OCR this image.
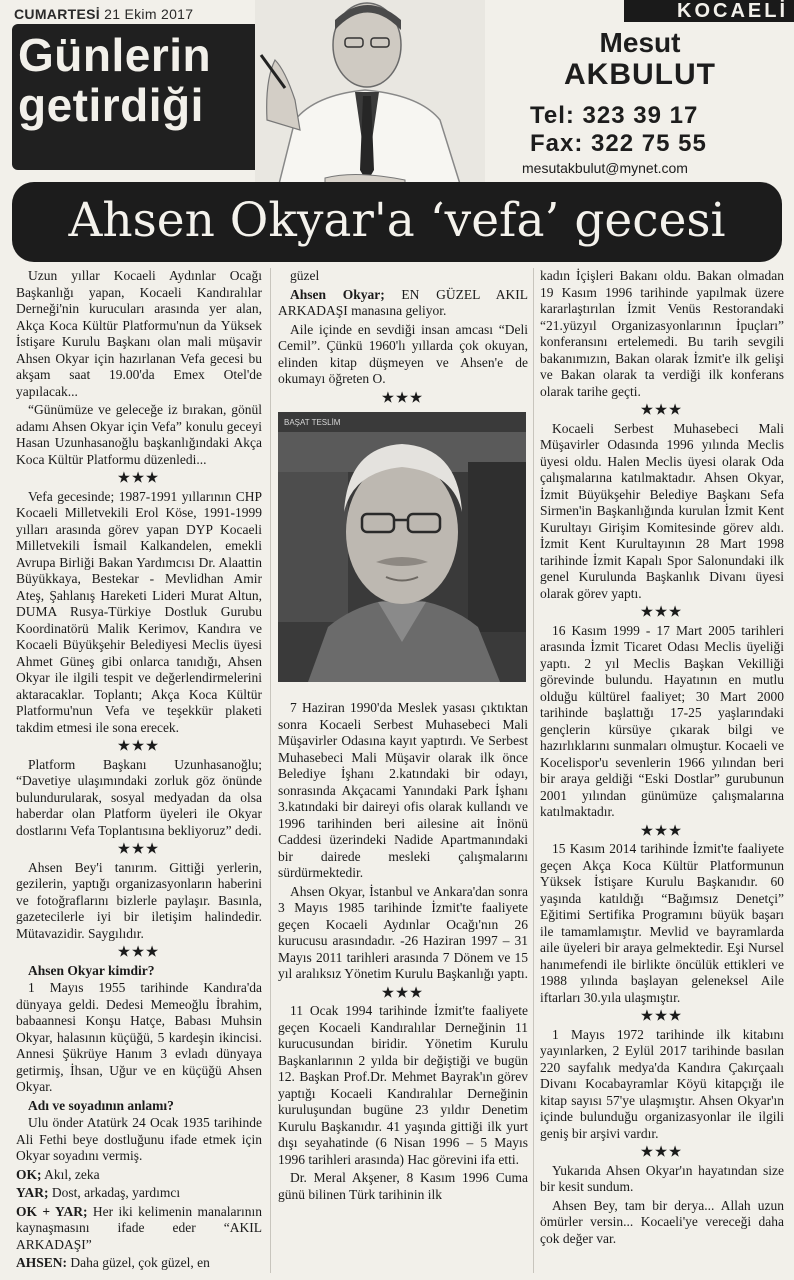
CUMARTESİ 21 Ekim 2017	KOCAELİ
Günlerin
getirdiği
Mesut
AKBULUT
Tel: 323 39 17
Fax: 322 75 55
mesutakbulut@mynet.com
Ahsen Okyar'a ‘vefa’ gecesi

Uzun yıllar Kocaeli Aydınlar Ocağı Başkanlığı yapan, Kocaeli Kandıralılar Derneği'nin kurucuları arasında yer alan, Akça Koca Kültür Platformu'nun da Yüksek İstişare Kurulu Başkanı olan mali müşavir Ahsen Okyar için hazırlanan Vefa gecesi bu akşam saat 19.00'da Emex Otel'de yapılacak...

“Günümüze ve geleceğe iz bırakan, gönül adamı Ahsen Okyar için Vefa” konulu geceyi Hasan Uzunhasanoğlu başkanlığındaki Akça Koca Kültür Platformu düzenledi...

★★★

Vefa gecesinde; 1987-1991 yıllarının CHP Kocaeli Milletvekili Erol Köse, 1991-1999 yılları arasında görev yapan DYP Kocaeli Milletvekili İsmail Kalkandelen, emekli Avrupa Birliği Bakan Yardımcısı Dr. Alaattin Büyükkaya, Bestekar - Mevlidhan Amir Ateş, Şahlanış Hareketi Lideri Murat Altun, DUMA Rusya-Türkiye Dostluk Gurubu Koordinatörü Malik Kerimov, Kandıra ve Kocaeli Büyükşehir Belediyesi Meclis üyesi Ahmet Güneş gibi onlarca tanıdığı, Ahsen Okyar ile ilgili tespit ve değerlendirmelerini aktaracaklar. Toplantı; Akça Koca Kültür Platformu'nun Vefa ve teşekkür plaketi takdim etmesi ile sona erecek.

★★★

Platform Başkanı Uzunhasanoğlu; “Davetiye ulaşımındaki zorluk göz önünde bulundurularak, sosyal medyadan da olsa haberdar olan Platform üyeleri ile Okyar dostlarını Vefa Toplantısına bekliyoruz” dedi.

★★★

Ahsen Bey'i tanırım. Gittiği yerlerin, gezilerin, yaptığı organizasyonların haberini ve fotoğraflarını bizlerle paylaşır. Basınla, gazetecilerle iyi bir iletişim halindedir. Mütavazidir. Saygılıdır.

★★★

Ahsen Okyar kimdir?

1 Mayıs 1955 tarihinde Kandıra'da dünyaya geldi. Dedesi Memeoğlu İbrahim, babaannesi Konşu Hatçe, Babası Muhsin Okyar, halasının küçüğü, 5 kardeşin ikincisi. Annesi Şükrüye Hanım 3 evladı dünyaya getirmiş, İhsan, Uğur ve en küçüğü Ahsen Okyar.

Adı ve soyadının anlamı?

Ulu önder Atatürk 24 Ocak 1935 tarihinde Ali Fethi beye dostluğunu ifade etmek için Okyar soyadını vermiş.

OK; Akıl, zeka

YAR; Dost, arkadaş, yardımcı

OK + YAR; Her iki kelimenin manalarının kaynaşmasını ifade eder “AKIL ARKADAŞI”

AHSEN: Daha güzel, çok güzel, en

güzel

Ahsen Okyar; EN GÜZEL AKIL ARKADAŞI manasına geliyor.

Aile içinde en sevdiği insan amcası “Deli Cemil”. Çünkü 1960'lı yıllarda çok okuyan, elinden kitap düşmeyen ve Ahsen'e de okumayı öğreten O.

★★★

BAŞAT TESLİM

7 Haziran 1990'da Meslek yasası çıktıktan sonra Kocaeli Serbest Muhasebeci Mali Müşavirler Odasına kayıt yaptırdı. Ve Serbest Muhasebeci Mali Müşavir olarak ilk önce Belediye İşhanı 2.katındaki bir odayı, sonrasında Akçacami Yanındaki Park İşhanı 3.katındaki bir daireyi ofis olarak kullandı ve 1996 tarihinden beri ailesine ait İnönü Caddesi üzerindeki Nadide Apartmanındaki bir dairede mesleki çalışmalarını sürdürmektedir.

Ahsen Okyar, İstanbul ve Ankara'dan sonra 3 Mayıs 1985 tarihinde İzmit'te faaliyete geçen Kocaeli Aydınlar Ocağı'nın 26 kurucusu arasındadır. -26 Haziran 1997 – 31 Mayıs 2011 tarihleri arasında 7 Dönem ve 15 yıl aralıksız Yönetim Kurulu Başkanlığı yaptı.

★★★

11 Ocak 1994 tarihinde İzmit'te faaliyete geçen Kocaeli Kandıralılar Derneğinin 11 kurucusundan biridir. Yönetim Kurulu Başkanlarının 2 yılda bir değiştiği ve bugün 12. Başkan Prof.Dr. Mehmet Bayrak'ın görev yaptığı Kocaeli Kandıralılar Derneğinin kuruluşundan bugüne 23 yıldır Denetim Kurulu Başkanıdır. 41 yaşında gittiği ilk yurt dışı seyahatinde (6 Nisan 1996 – 5 Mayıs 1996 tarihleri arasında) Hac görevini ifa etti.

Dr. Meral Akşener, 8 Kasım 1996 Cuma günü bilinen Türk tarihinin ilk

kadın İçişleri Bakanı oldu. Bakan olmadan 19 Kasım 1996 tarihinde yapılmak üzere kararlaştırılan İzmit Venüs Restorandaki “21.yüzyıl Organizasyonlarının İpuçları” konferansını ertelemedi. Bu tarih sevgili bakanımızın, Bakan olarak İzmit'e ilk gelişi ve Bakan olarak ta verdiği ilk konferans olarak tarihe geçti.

★★★

Kocaeli Serbest Muhasebeci Mali Müşavirler Odasında 1996 yılında Meclis üyesi oldu. Halen Meclis üyesi olarak Oda çalışmalarına katılmaktadır. Ahsen Okyar, İzmit Büyükşehir Belediye Başkanı Sefa Sirmen'in Başkanlığında kurulan İzmit Kent Kurultayı Girişim Komitesinde görev aldı. İzmit Kent Kurultayının 28 Mart 1998 tarihinde İzmit Kapalı Spor Salonundaki ilk genel Kurulunda Başkanlık Divanı üyesi olarak görev yaptı.

★★★

16 Kasım 1999 - 17 Mart 2005 tarihleri arasında İzmit Ticaret Odası Meclis üyeliği yaptı. 2 yıl Meclis Başkan Vekilliği görevinde bulundu. Hayatının en mutlu olduğu kültürel faaliyet; 30 Mart 2000 tarihinde başlattığı 17-25 yaşlarındaki gençlerin kürsüye çıkarak bilgi ve hazırlıklarını sunmaları olmuştur. Kocaeli ve Kocelispor'u sevenlerin 1966 yılından beri bir araya geldiği “Eski Dostlar” gurubunun 2001 yılından günümüze çalışmalarına katılmaktadır.

★★★

15 Kasım 2014 tarihinde İzmit'te faaliyete geçen Akça Koca Kültür Platformunun Yüksek İstişare Kurulu Başkanıdır. 60 yaşında katıldığı “Bağımsız Denetçi” Eğitimi Sertifika Programını büyük başarı ile tamamlamıştır. Mevlid ve bayramlarda aile üyeleri bir araya gelmektedir. Eşi Nursel hanımefendi ile birlikte öncülük ettikleri ve 1988 yılında başlayan geleneksel Aile iftarları 30.yıla ulaşmıştır.

★★★

1 Mayıs 1972 tarihinde ilk kitabını yayınlarken, 2 Eylül 2017 tarihinde basılan 220 sayfalık medya'da Kandıra Çakırçaalı Divanı Kocabayramlar Köyü kitapçığı ile kitap sayısı 57'ye ulaşmıştır. Ahsen Okyar'ın içinde bulunduğu organizasyonlar ile ilgili geniş bir arşivi vardır.

★★★

Yukarıda Ahsen Okyar'ın hayatından size bir kesit sundum.

Ahsen Bey, tam bir derya... Allah uzun ömürler versin... Kocaeli'ye vereceği daha çok değer var.
